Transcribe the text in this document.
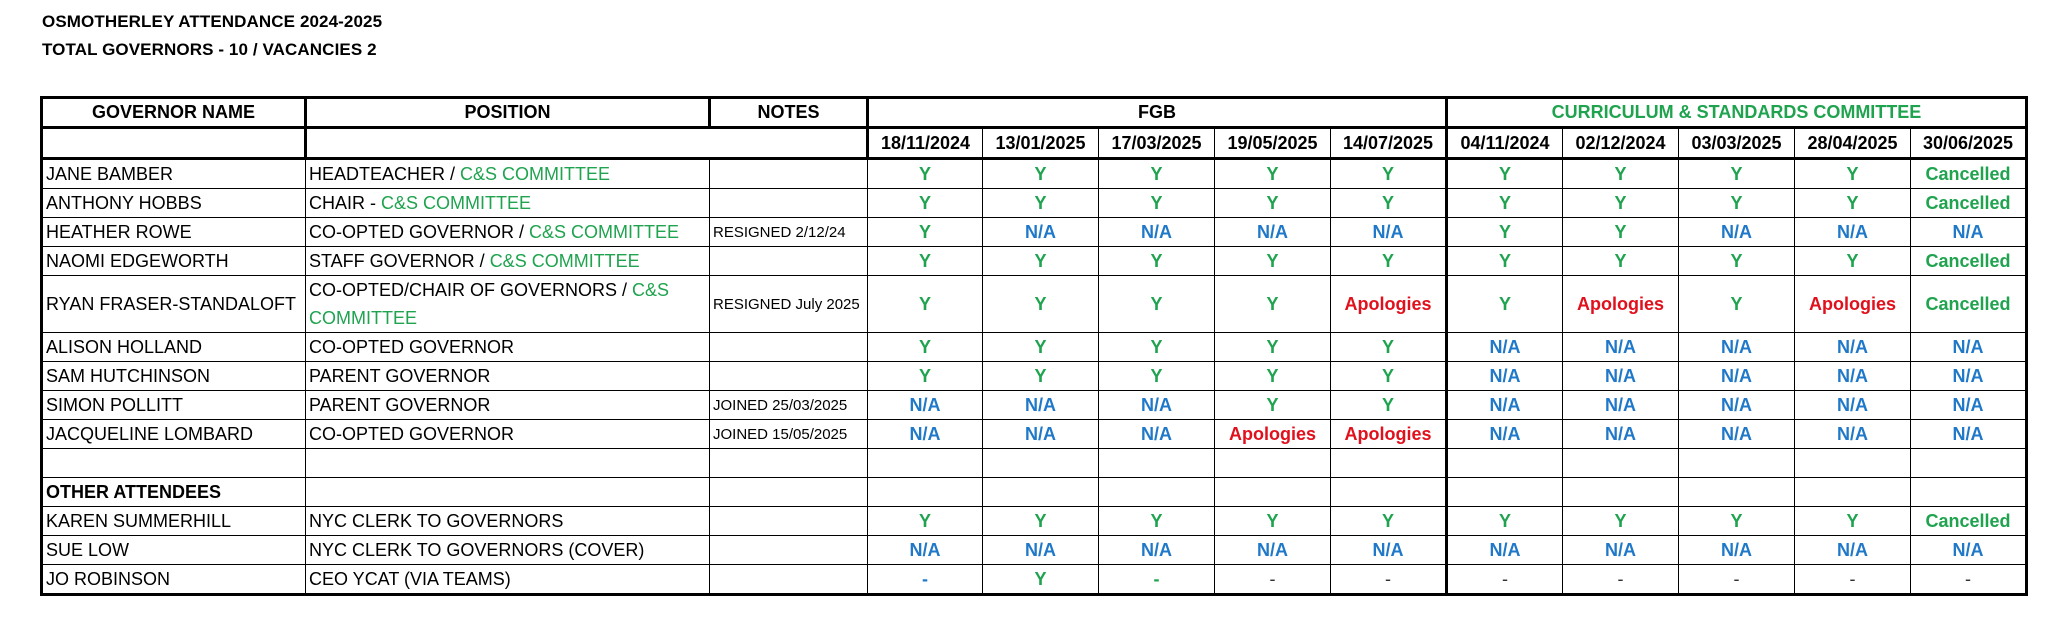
OSMOTHERLEY ATTENDANCE 2024-2025
TOTAL GOVERNORS - 10 / VACANCIES 2
GOVERNOR NAME	POSITION	NOTES	FGB					CURRICULUM & STANDARDS COMMITTEE				
			18/11/2024	13/01/2025	17/03/2025	19/05/2025	14/07/2025	04/11/2024	02/12/2024	03/03/2025	28/04/2025	30/06/2025
JANE BAMBER	HEADTEACHER / C&S COMMITTEE		Y	Y	Y	Y	Y	Y	Y	Y	Y	Cancelled
ANTHONY HOBBS	CHAIR - C&S COMMITTEE		Y	Y	Y	Y	Y	Y	Y	Y	Y	Cancelled
HEATHER ROWE	CO-OPTED GOVERNOR / C&S COMMITTEE	RESIGNED 2/12/24	Y	N/A	N/A	N/A	N/A	Y	Y	N/A	N/A	N/A
NAOMI EDGEWORTH	STAFF GOVERNOR / C&S COMMITTEE		Y	Y	Y	Y	Y	Y	Y	Y	Y	Cancelled
RYAN FRASER-STANDALOFT	CO-OPTED/CHAIR OF GOVERNORS / C&S COMMITTEE	RESIGNED July 2025	Y	Y	Y	Y	Apologies	Y	Apologies	Y	Apologies	Cancelled
ALISON HOLLAND	CO-OPTED GOVERNOR		Y	Y	Y	Y	Y	N/A	N/A	N/A	N/A	N/A
SAM HUTCHINSON	PARENT GOVERNOR		Y	Y	Y	Y	Y	N/A	N/A	N/A	N/A	N/A
SIMON POLLITT	PARENT GOVERNOR	JOINED 25/03/2025	N/A	N/A	N/A	Y	Y	N/A	N/A	N/A	N/A	N/A
JACQUELINE LOMBARD	CO-OPTED GOVERNOR	JOINED 15/05/2025	N/A	N/A	N/A	Apologies	Apologies	N/A	N/A	N/A	N/A	N/A

OTHER ATTENDEES												
KAREN SUMMERHILL	NYC CLERK TO GOVERNORS		Y	Y	Y	Y	Y	Y	Y	Y	Y	Cancelled
SUE LOW	NYC CLERK TO GOVERNORS (COVER)		N/A	N/A	N/A	N/A	N/A	N/A	N/A	N/A	N/A	N/A
JO ROBINSON	CEO YCAT (VIA TEAMS)		-	Y	-	-	-	-	-	-	-	-
